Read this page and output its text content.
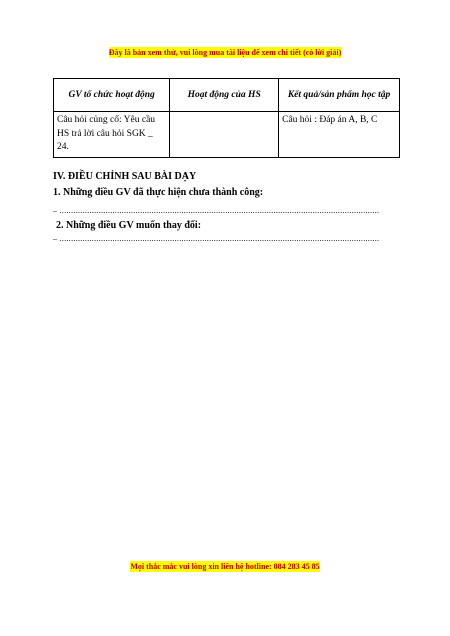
Đây là bản xem thử, vui lòng mua tài liệu để xem chi tiết (có lời giải)
GV tổ chức hoạt động	Hoạt động của HS	Kết quả/sản phẩm học tập
Câu hỏi củng cố: Yêu cầu HS trả lời câu hỏi SGK _ 24.		Câu hỏi : Đáp án A, B, C
IV. ĐIỀU CHỈNH SAU BÀI DẠY
1. Những điều GV đã thực hiện chưa thành công:
– ...........................................................................................................................................
2. Những điều GV muốn thay đổi:
– ...........................................................................................................................................
Mọi thắc mắc vui lòng xin liên hệ hotline: 084 283 45 85
